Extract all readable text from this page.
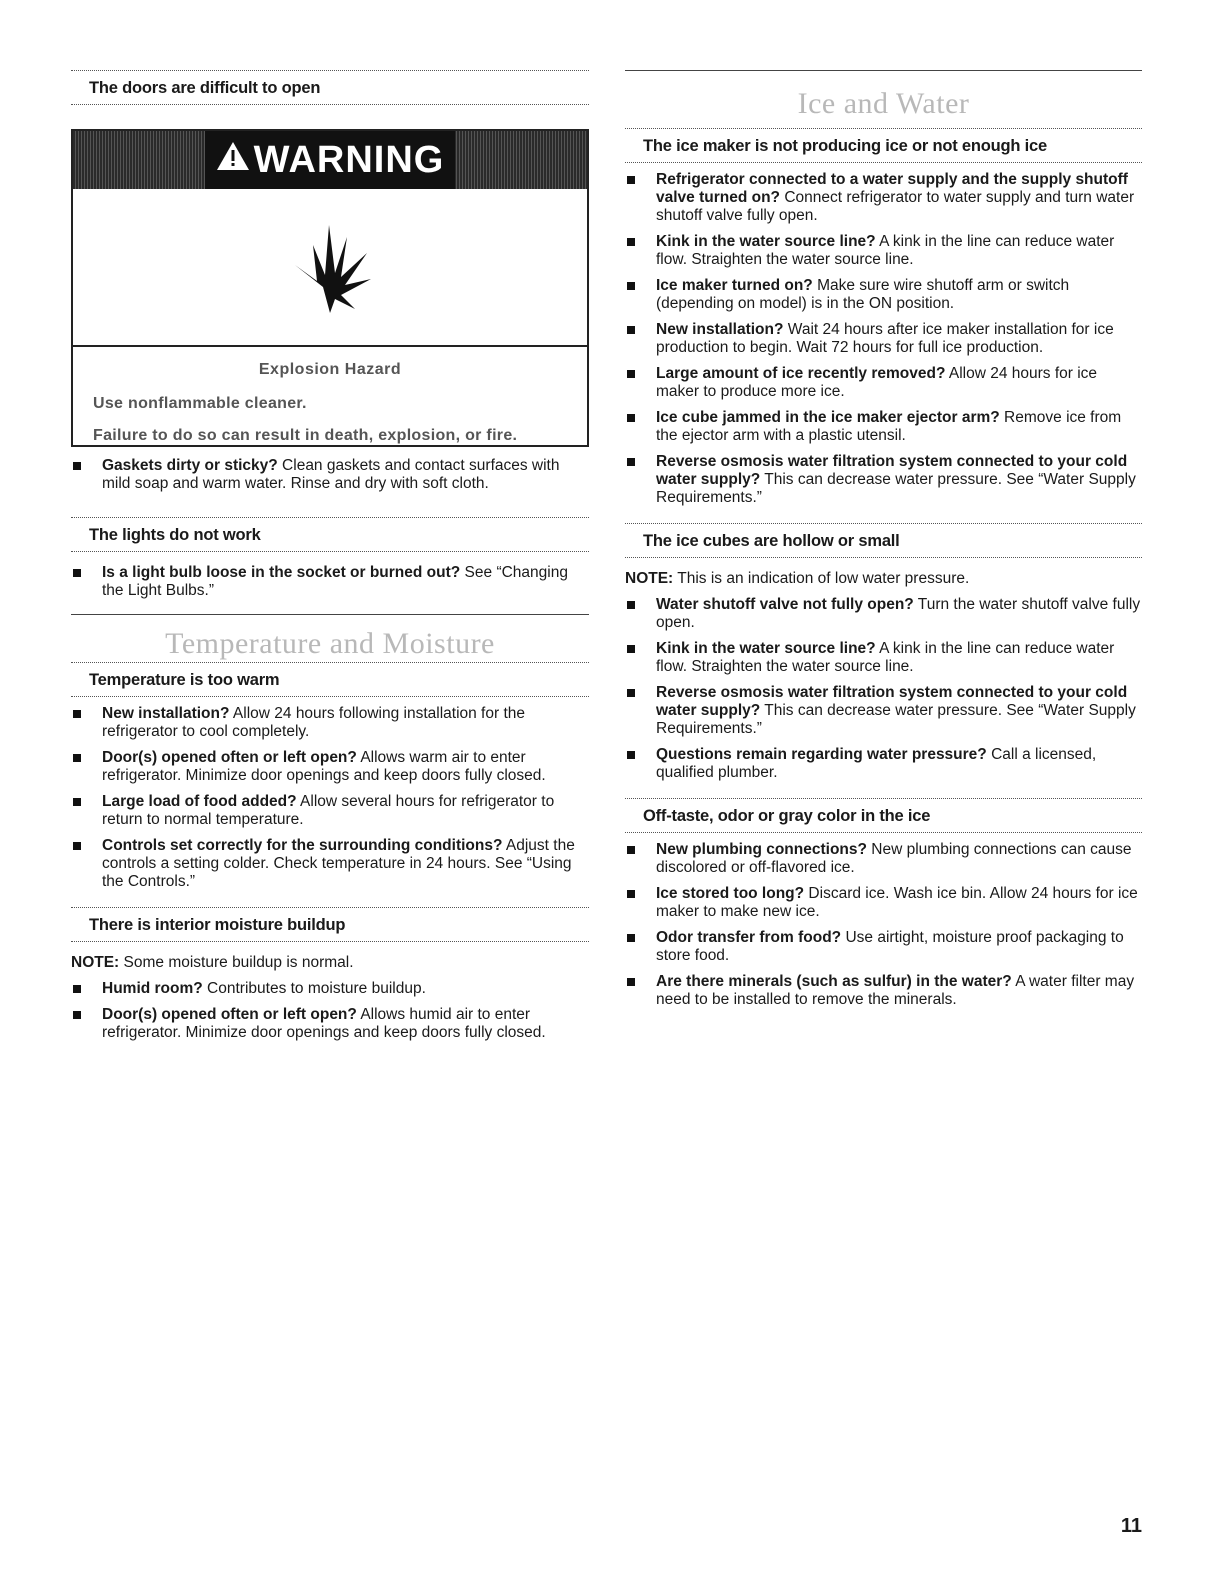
The doors are difficult to open
WARNING

Explosion Hazard

Use nonflammable cleaner.

Failure to do so can result in death, explosion, or fire.

Gaskets dirty or sticky? Clean gaskets and contact surfaces with mild soap and warm water. Rinse and dry with soft cloth.
The lights do not work
Is a light bulb loose in the socket or burned out? See “Changing the Light Bulbs.”
Temperature and Moisture
Temperature is too warm
New installation? Allow 24 hours following installation for the refrigerator to cool completely.
Door(s) opened often or left open? Allows warm air to enter refrigerator. Minimize door openings and keep doors fully closed.
Large load of food added? Allow several hours for refrigerator to return to normal temperature.
Controls set correctly for the surrounding conditions? Adjust the controls a setting colder. Check temperature in 24 hours. See “Using the Controls.”
There is interior moisture buildup
NOTE: Some moisture buildup is normal.
Humid room? Contributes to moisture buildup.
Door(s) opened often or left open? Allows humid air to enter refrigerator. Minimize door openings and keep doors fully closed.
Ice and Water
The ice maker is not producing ice or not enough ice
Refrigerator connected to a water supply and the supply shutoff valve turned on? Connect refrigerator to water supply and turn water shutoff valve fully open.
Kink in the water source line? A kink in the line can reduce water flow. Straighten the water source line.
Ice maker turned on? Make sure wire shutoff arm or switch (depending on model) is in the ON position.
New installation? Wait 24 hours after ice maker installation for ice production to begin. Wait 72 hours for full ice production.
Large amount of ice recently removed? Allow 24 hours for ice maker to produce more ice.
Ice cube jammed in the ice maker ejector arm? Remove ice from the ejector arm with a plastic utensil.
Reverse osmosis water filtration system connected to your cold water supply? This can decrease water pressure. See “Water Supply Requirements.”
The ice cubes are hollow or small
NOTE: This is an indication of low water pressure.
Water shutoff valve not fully open? Turn the water shutoff valve fully open.
Kink in the water source line? A kink in the line can reduce water flow. Straighten the water source line.
Reverse osmosis water filtration system connected to your cold water supply? This can decrease water pressure. See “Water Supply Requirements.”
Questions remain regarding water pressure? Call a licensed, qualified plumber.
Off-taste, odor or gray color in the ice
New plumbing connections? New plumbing connections can cause discolored or off-flavored ice.
Ice stored too long? Discard ice. Wash ice bin. Allow 24 hours for ice maker to make new ice.
Odor transfer from food? Use airtight, moisture proof packaging to store food.
Are there minerals (such as sulfur) in the water? A water filter may need to be installed to remove the minerals.
11
